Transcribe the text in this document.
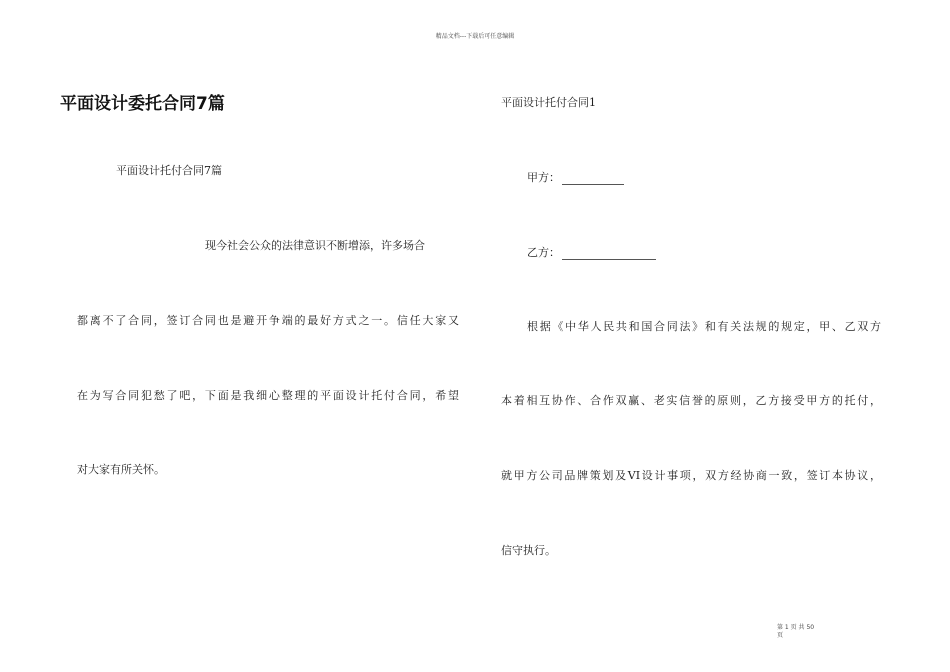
精品文档---下载后可任意编辑
平面设计委托合同7篇
平面设计托付合同7篇
现今社会公众的法律意识不断增添，许多场合
都离不了合同，签订合同也是避开争端的最好方式之一。信任大家又
在为写合同犯愁了吧，下面是我细心整理的平面设计托付合同，希望
对大家有所关怀。
平面设计托付合同1
甲方：
乙方：
根据《中华人民共和国合同法》和有关法规的规定，甲、乙双方
本着相互协作、合作双赢、老实信誉的原则，乙方接受甲方的托付，
就甲方公司品牌策划及VI设计事项，双方经协商一致，签订本协议，
信守执行。
第 1 页 共 50
页
